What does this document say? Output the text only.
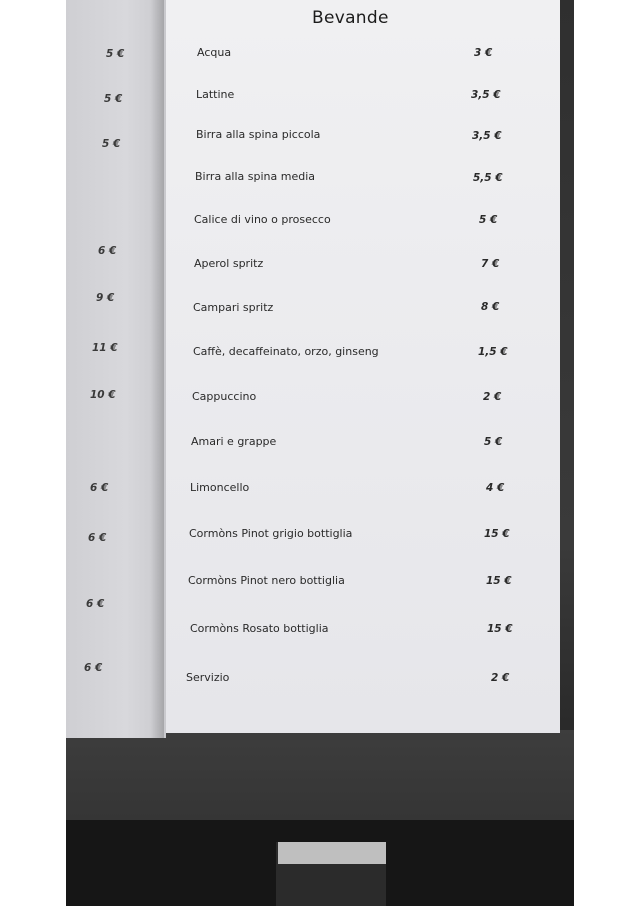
5 €
5 €
5 €
6 €
9 €
11 €
10 €
6 €
6 €
6 €
6 €
Bevande
Acqua	3 €
Lattine	3,5 €
Birra alla spina piccola	3,5 €
Birra alla spina media	5,5 €
Calice di vino o prosecco	5 €
Aperol spritz	7 €
Campari spritz	8 €
Caffè, decaffeinato, orzo, ginseng	1,5 €
Cappuccino	2 €
Amari e grappe	5 €
Limoncello	4 €
Cormòns Pinot grigio bottiglia	15 €
Cormòns Pinot nero bottiglia	15 €
Cormòns Rosato bottiglia	15 €
Servizio	2 €
